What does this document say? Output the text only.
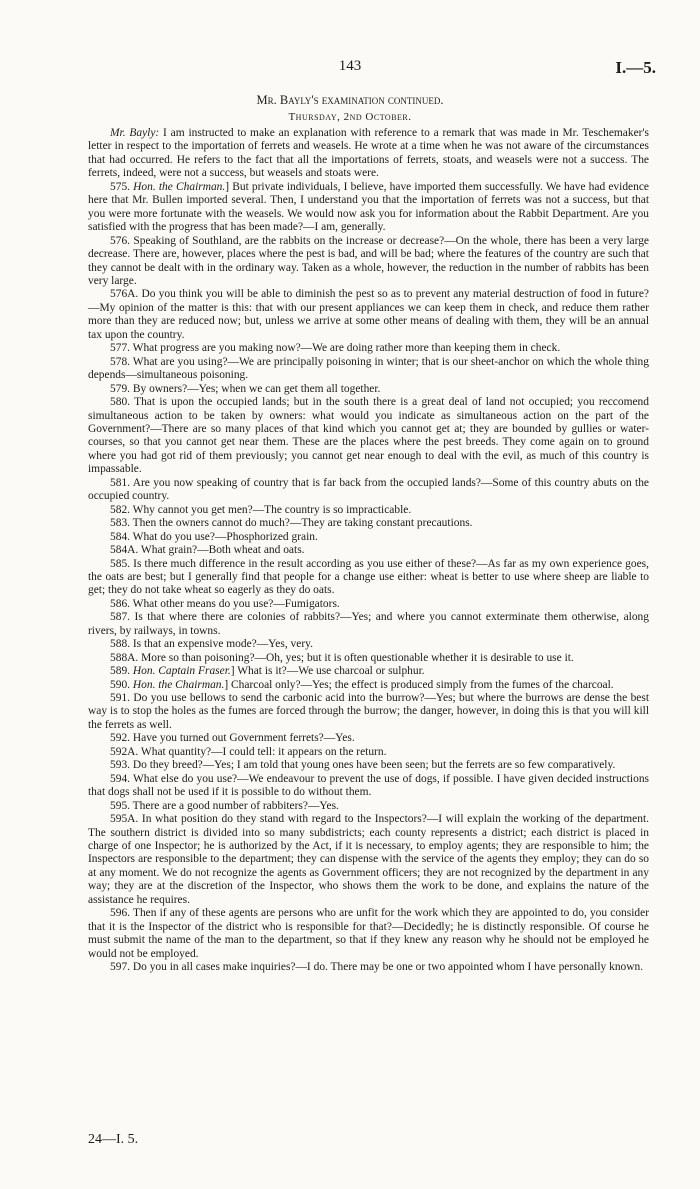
143	I.—5.
Mr. Bayly's examination continued.
Thursday, 2nd October.

Mr. Bayly: I am instructed to make an explanation with reference to a remark that was made in Mr. Teschemaker's letter in respect to the importation of ferrets and weasels. He wrote at a time when he was not aware of the circumstances that had occurred. He refers to the fact that all the importations of ferrets, stoats, and weasels were not a success. The ferrets, indeed, were not a success, but weasels and stoats were.

575. Hon. the Chairman.] But private individuals, I believe, have imported them successfully. We have had evidence here that Mr. Bullen imported several. Then, I understand you that the importation of ferrets was not a success, but that you were more fortunate with the weasels. We would now ask you for information about the Rabbit Department. Are you satisfied with the progress that has been made?—I am, generally.

576. Speaking of Southland, are the rabbits on the increase or decrease?—On the whole, there has been a very large decrease. There are, however, places where the pest is bad, and will be bad; where the features of the country are such that they cannot be dealt with in the ordinary way. Taken as a whole, however, the reduction in the number of rabbits has been very large.

576A. Do you think you will be able to diminish the pest so as to prevent any material destruction of food in future?—My opinion of the matter is this: that with our present appliances we can keep them in check, and reduce them rather more than they are reduced now; but, unless we arrive at some other means of dealing with them, they will be an annual tax upon the country.

577. What progress are you making now?—We are doing rather more than keeping them in check.

578. What are you using?—We are principally poisoning in winter; that is our sheet-anchor on which the whole thing depends—simultaneous poisoning.

579. By owners?—Yes; when we can get them all together.

580. That is upon the occupied lands; but in the south there is a great deal of land not occupied; you reccomend simultaneous action to be taken by owners: what would you indicate as simultaneous action on the part of the Government?—There are so many places of that kind which you cannot get at; they are bounded by gullies or water-courses, so that you cannot get near them. These are the places where the pest breeds. They come again on to ground where you had got rid of them previously; you cannot get near enough to deal with the evil, as much of this country is impassable.

581. Are you now speaking of country that is far back from the occupied lands?—Some of this country abuts on the occupied country.

582. Why cannot you get men?—The country is so impracticable.

583. Then the owners cannot do much?—They are taking constant precautions.

584. What do you use?—Phosphorized grain.

584A. What grain?—Both wheat and oats.

585. Is there much difference in the result according as you use either of these?—As far as my own experience goes, the oats are best; but I generally find that people for a change use either: wheat is better to use where sheep are liable to get; they do not take wheat so eagerly as they do oats.

586. What other means do you use?—Fumigators.

587. Is that where there are colonies of rabbits?—Yes; and where you cannot exterminate them otherwise, along rivers, by railways, in towns.

588. Is that an expensive mode?—Yes, very.

588A. More so than poisoning?—Oh, yes; but it is often questionable whether it is desirable to use it.

589. Hon. Captain Fraser.] What is it?—We use charcoal or sulphur.

590. Hon. the Chairman.] Charcoal only?—Yes; the effect is produced simply from the fumes of the charcoal.

591. Do you use bellows to send the carbonic acid into the burrow?—Yes; but where the burrows are dense the best way is to stop the holes as the fumes are forced through the burrow; the danger, however, in doing this is that you will kill the ferrets as well.

592. Have you turned out Government ferrets?—Yes.

592A. What quantity?—I could tell: it appears on the return.

593. Do they breed?—Yes; I am told that young ones have been seen; but the ferrets are so few comparatively.

594. What else do you use?—We endeavour to prevent the use of dogs, if possible. I have given decided instructions that dogs shall not be used if it is possible to do without them.

595. There are a good number of rabbiters?—Yes.

595A. In what position do they stand with regard to the Inspectors?—I will explain the working of the department. The southern district is divided into so many subdistricts; each county represents a district; each district is placed in charge of one Inspector; he is authorized by the Act, if it is necessary, to employ agents; they are responsible to him; the Inspectors are responsible to the department; they can dispense with the service of the agents they employ; they can do so at any moment. We do not recognize the agents as Government officers; they are not recognized by the department in any way; they are at the discretion of the Inspector, who shows them the work to be done, and explains the nature of the assistance he requires.

596. Then if any of these agents are persons who are unfit for the work which they are appointed to do, you consider that it is the Inspector of the district who is responsible for that?—Decidedly; he is distinctly responsible. Of course he must submit the name of the man to the department, so that if they knew any reason why he should not be employed he would not be employed.

597. Do you in all cases make inquiries?—I do. There may be one or two appointed whom I have personally known.

24—I. 5.
